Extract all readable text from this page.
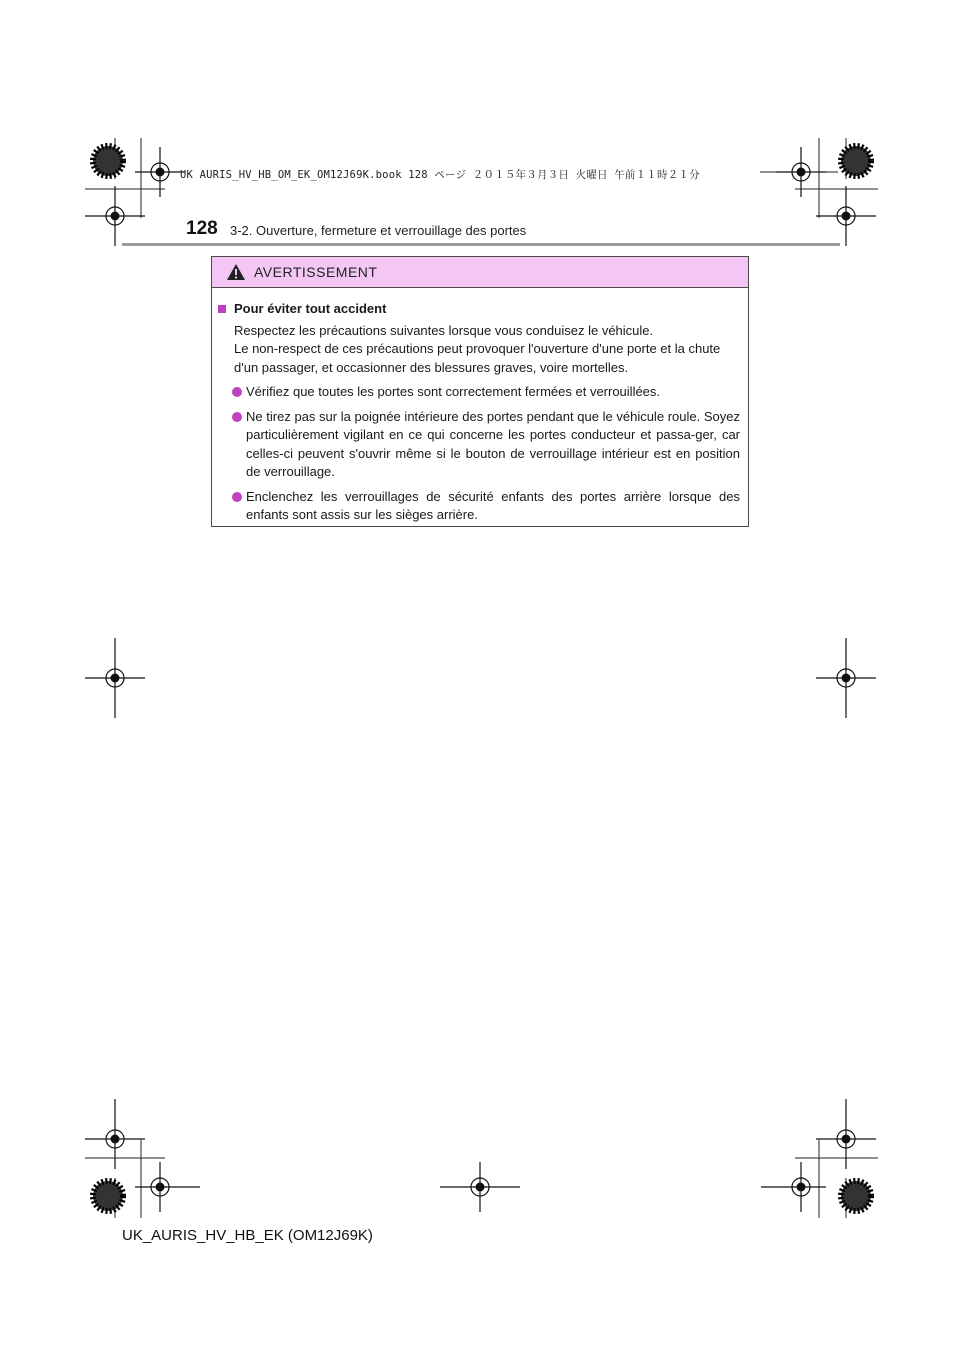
UK AURIS_HV_HB_OM_EK_OM12J69K.book 128 ページ ２０１５年３月３日 火曜日 午前１１時２１分
128 3-2. Ouverture, fermeture et verrouillage des portes
AVERTISSEMENT
Pour éviter tout accident
Respectez les précautions suivantes lorsque vous conduisez le véhicule.
Le non-respect de ces précautions peut provoquer l'ouverture d'une porte et la chute
d'un passager, et occasionner des blessures graves, voire mortelles.
Vérifiez que toutes les portes sont correctement fermées et verrouillées.
Ne tirez pas sur la poignée intérieure des portes pendant que le véhicule roule. Soyez particulièrement vigilant en ce qui concerne les portes conducteur et passa-ger, car celles-ci peuvent s'ouvrir même si le bouton de verrouillage intérieur est en position de verrouillage.
Enclenchez les verrouillages de sécurité enfants des portes arrière lorsque des enfants sont assis sur les sièges arrière.
UK_AURIS_HV_HB_EK (OM12J69K)
